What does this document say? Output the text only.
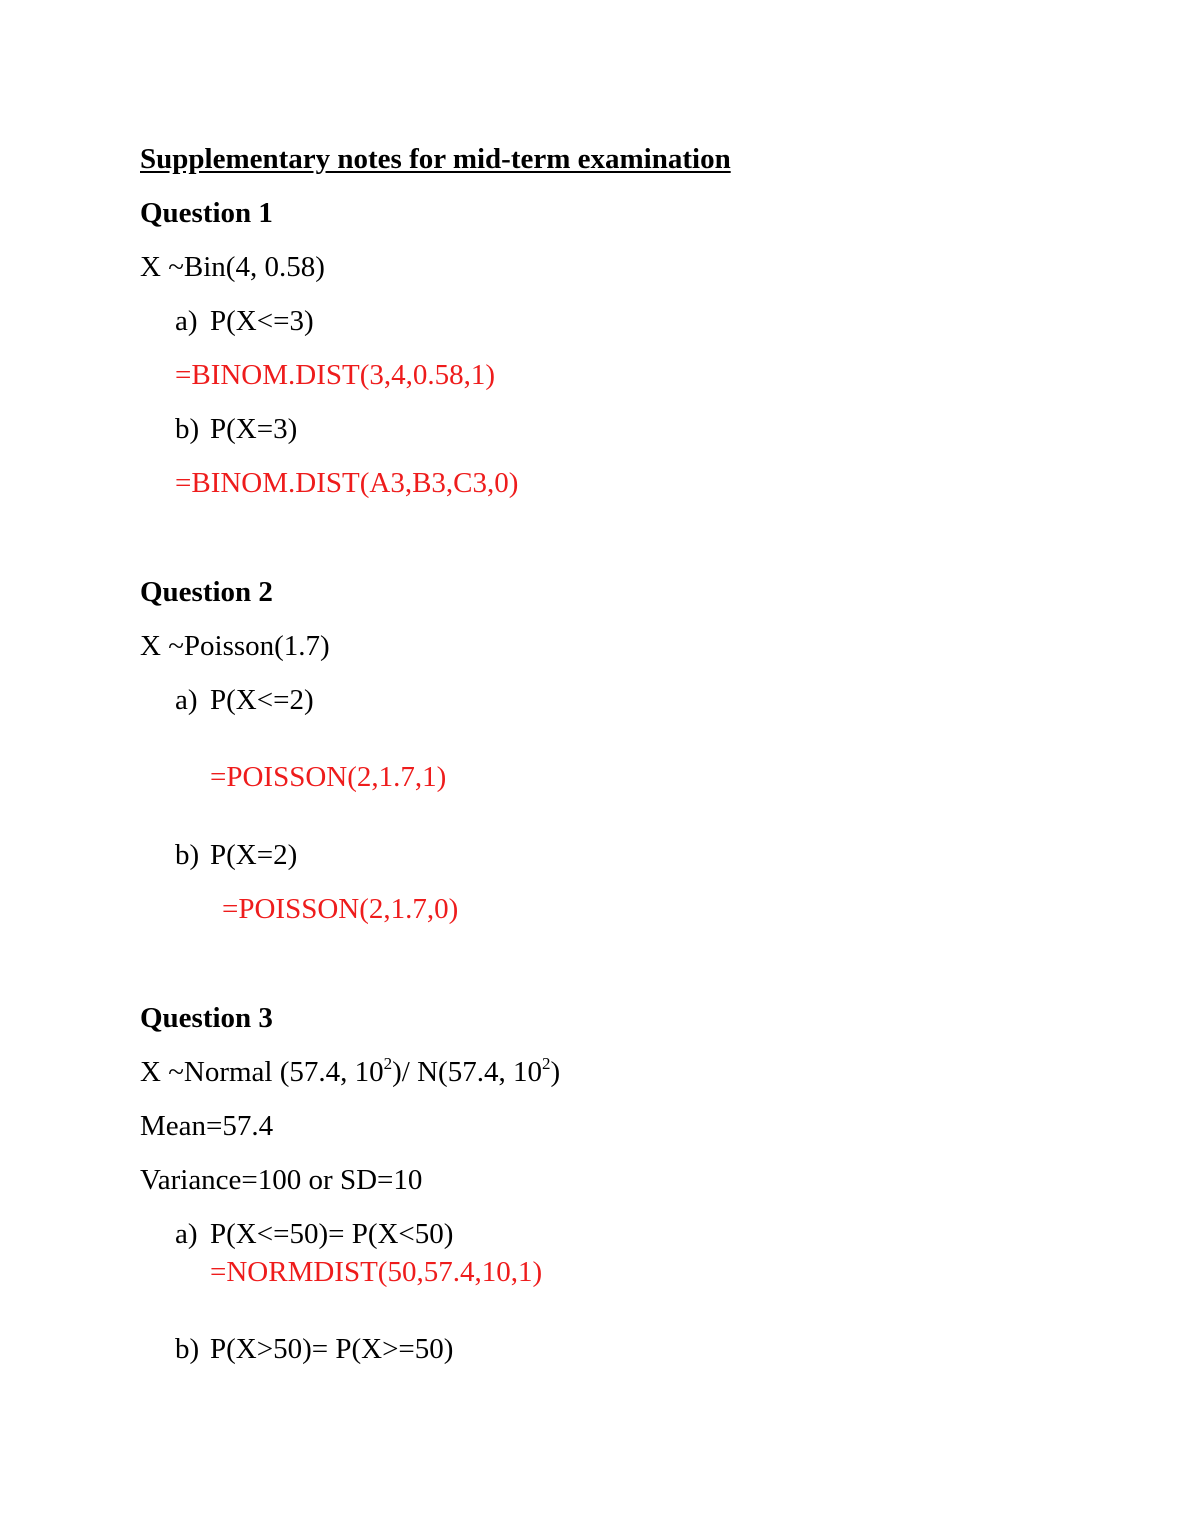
Supplementary notes for mid-term examination
Question 1
X ~Bin(4, 0.58)
a) P(X<=3)
=BINOM.DIST(3,4,0.58,1)
b) P(X=3)
=BINOM.DIST(A3,B3,C3,0)
Question 2
X ~Poisson(1.7)
a) P(X<=2)
=POISSON(2,1.7,1)
b) P(X=2)
=POISSON(2,1.7,0)
Question 3
X ~Normal (57.4, $10^2)/$ N(57.4, $10^2$)
Mean=57.4
Variance=100 or SD=10
a) P(X<=50)= P(X<50)
=NORMDIST(50,57.4,10,1)
b) P(X>50)= P(X>=50)
